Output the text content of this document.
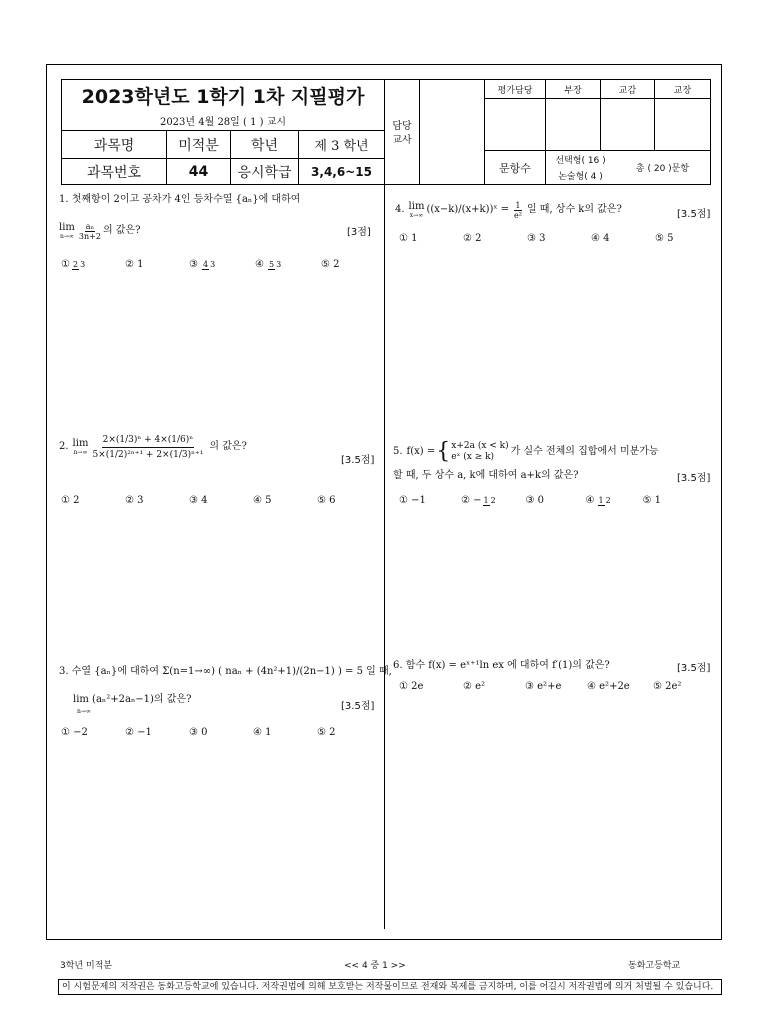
2023학년도 1학기 1차 지필평가
2023년 4월 28일 ( 1 ) 교시
과목명	미적분	학년	제 3 학년
과목번호	44	응시학급	3,4,6~15
담당
교사
평가담당	부장	교감	교장
문항수
선택형( 16 )
논술형( 4 )
총 ( 20 )문항
1. 첫째항이 2이고 공차가 4인 등차수열 {aₙ}에 대하여
lim
$n\to\infty \frac{\text{aₙ}}{3n+2}$ 의 값은?	[3점]
① 2 3	② 1	③ 4 3	④ 5 3	⑤ 2
2. lim
$n\to\infty \frac{\text{2×(1/3)ⁿ + 4×(1/6)ⁿ}}{\text{5×(1/2)²ⁿ⁺¹ + 2×(1/3)ⁿ⁺¹}}$ 의 값은?
[3.5점]
① 2	② 3	③ 4	④ 5	⑤ 6
3. 수열 {aₙ}에 대하여 Σ(n=1→∞) ( naₙ + (4n²+1)/(2n−1) ) = 5 일 때,
lim (aₙ²+2aₙ−1)의 값은?
n→∞	[3.5점]
① −2	② −1	③ 0	④ 1	⑤ 2
4. lim
x→∞ ((x−k)/(x+k))ˣ = $\frac{1}{\text{e²}}$ 일 때, 상수 k의 값은?	[3.5점]
① 1	② 2	③ 3	④ 4	⑤ 5
5. f(x) = { x+2a (x < k)
eˣ (x ≥ k)	가 실수 전체의 집합에서 미분가능
할 때, 두 상수 a, k에 대하여 a+k의 값은?	[3.5점]
① −1	② − 1 2	③ 0	④ 1 2	⑤ 1
6. 함수 f(x) = eˣ⁺¹ln ex 에 대하여 f′(1)의 값은?	[3.5점]
① 2e	② e²	③ e²+e	④ e²+2e ⑤ 2e²
3학년 미적분	<< 4 중 1 >>	동화고등학교
이 시험문제의 저작권은 동화고등학교에 있습니다. 저작권법에 의해 보호받는 저작물이므로 전재와 복제를 금지하며, 이를 어길시 저작권법에 의거 처벌될 수 있습니다.
